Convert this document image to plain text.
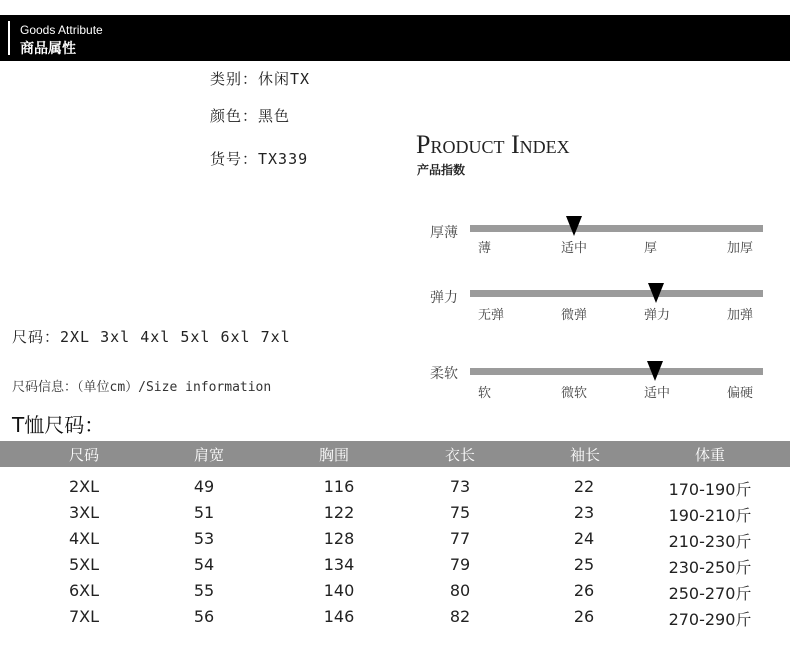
Goods Attribute
商品属性
类别：休闲TX
颜色：黑色
货号：TX339	Product Index
产品指数
厚薄
薄	适中	厚	加厚
弹力
无弹	微弹	弹力	加弹
柔软
软	微软	适中	偏硬
尺码：2XL 3xl 4xl 5xl 6xl 7xl
尺码信息：（单位cm）/Size information
T恤尺码：
尺码	肩宽	胸围	衣长	袖长	体重
2XL	49	116	73	22	170-190斤
3XL	51	122	75	23	190-210斤
4XL	53	128	77	24	210-230斤
5XL	54	134	79	25	230-250斤
6XL	55	140	80	26	250-270斤
7XL	56	146	82	26	270-290斤
